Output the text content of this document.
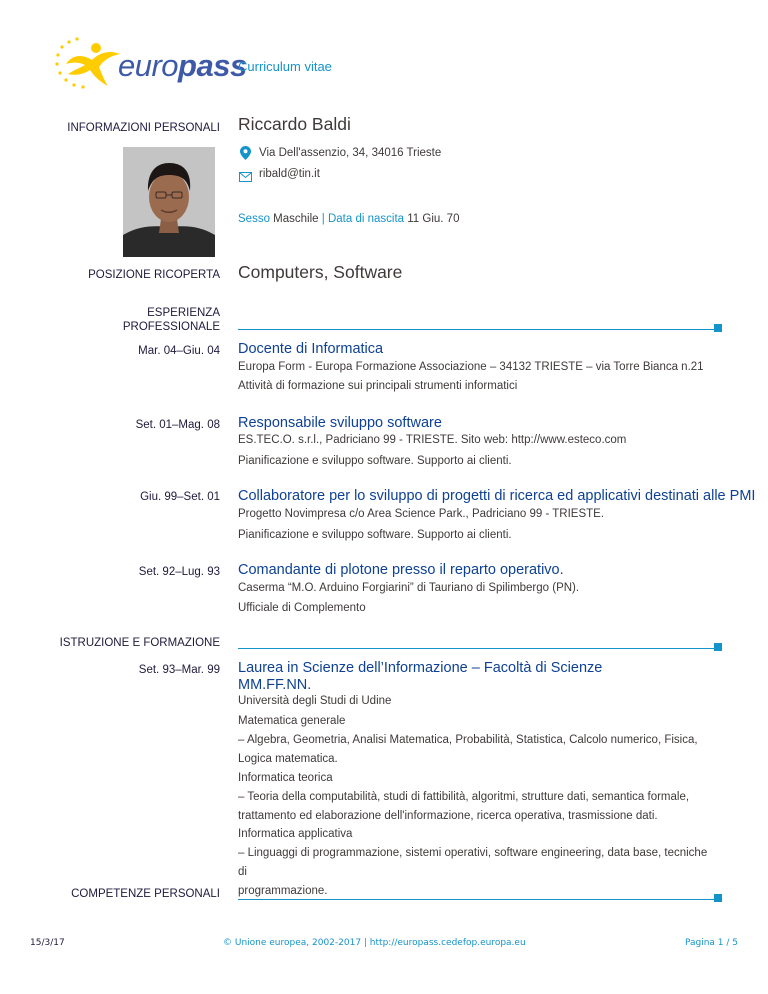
europass
Curriculum vitae
INFORMAZIONI PERSONALI Riccardo Baldi
Via Dell'assenzio, 34, 34016 Trieste
ribald@tin.it
Sesso Maschile | Data di nascita 11 Giu. 70
POSIZIONE RICOPERTA Computers, Software
ESPERIENZA
PROFESSIONALE
Mar. 04–Giu. 04 Docente di Informatica
Europa Form - Europa Formazione Associazione – 34132 TRIESTE – via Torre Bianca n.21
Attività di formazione sui principali strumenti informatici
Set. 01–Mag. 08 Responsabile sviluppo software
ES.TEC.O. s.r.l., Padriciano 99 - TRIESTE. Sito web: http://www.esteco.com
Pianificazione e sviluppo software. Supporto ai clienti.
Giu. 99–Set. 01 Collaboratore per lo sviluppo di progetti di ricerca ed applicativi destinati alle PMI
Progetto Novimpresa c/o Area Science Park., Padriciano 99 - TRIESTE.
Pianificazione e sviluppo software. Supporto ai clienti.
Set. 92–Lug. 93 Comandante di plotone presso il reparto operativo.
Caserma “M.O. Arduino Forgiarini” di Tauriano di Spilimbergo (PN).
Ufficiale di Complemento
ISTRUZIONE E FORMAZIONE
Set. 93–Mar. 99 Laurea in Scienze dell’Informazione – Facoltà di Scienze
MM.FF.NN.
Università degli Studi di Udine
Matematica generale
– Algebra, Geometria, Analisi Matematica, Probabilità, Statistica, Calcolo numerico, Fisica,
Logica matematica.
Informatica teorica
– Teoria della computabilità, studi di fattibilità, algoritmi, strutture dati, semantica formale,
trattamento ed elaborazione dell'informazione, ricerca operativa, trasmissione dati.
Informatica applicativa
– Linguaggi di programmazione, sistemi operativi, software engineering, data base, tecniche di
programmazione.
COMPETENZE PERSONALI
15/3/17	© Unione europea, 2002-2017 | http://europass.cedefop.europa.eu	Pagina 1 / 5
